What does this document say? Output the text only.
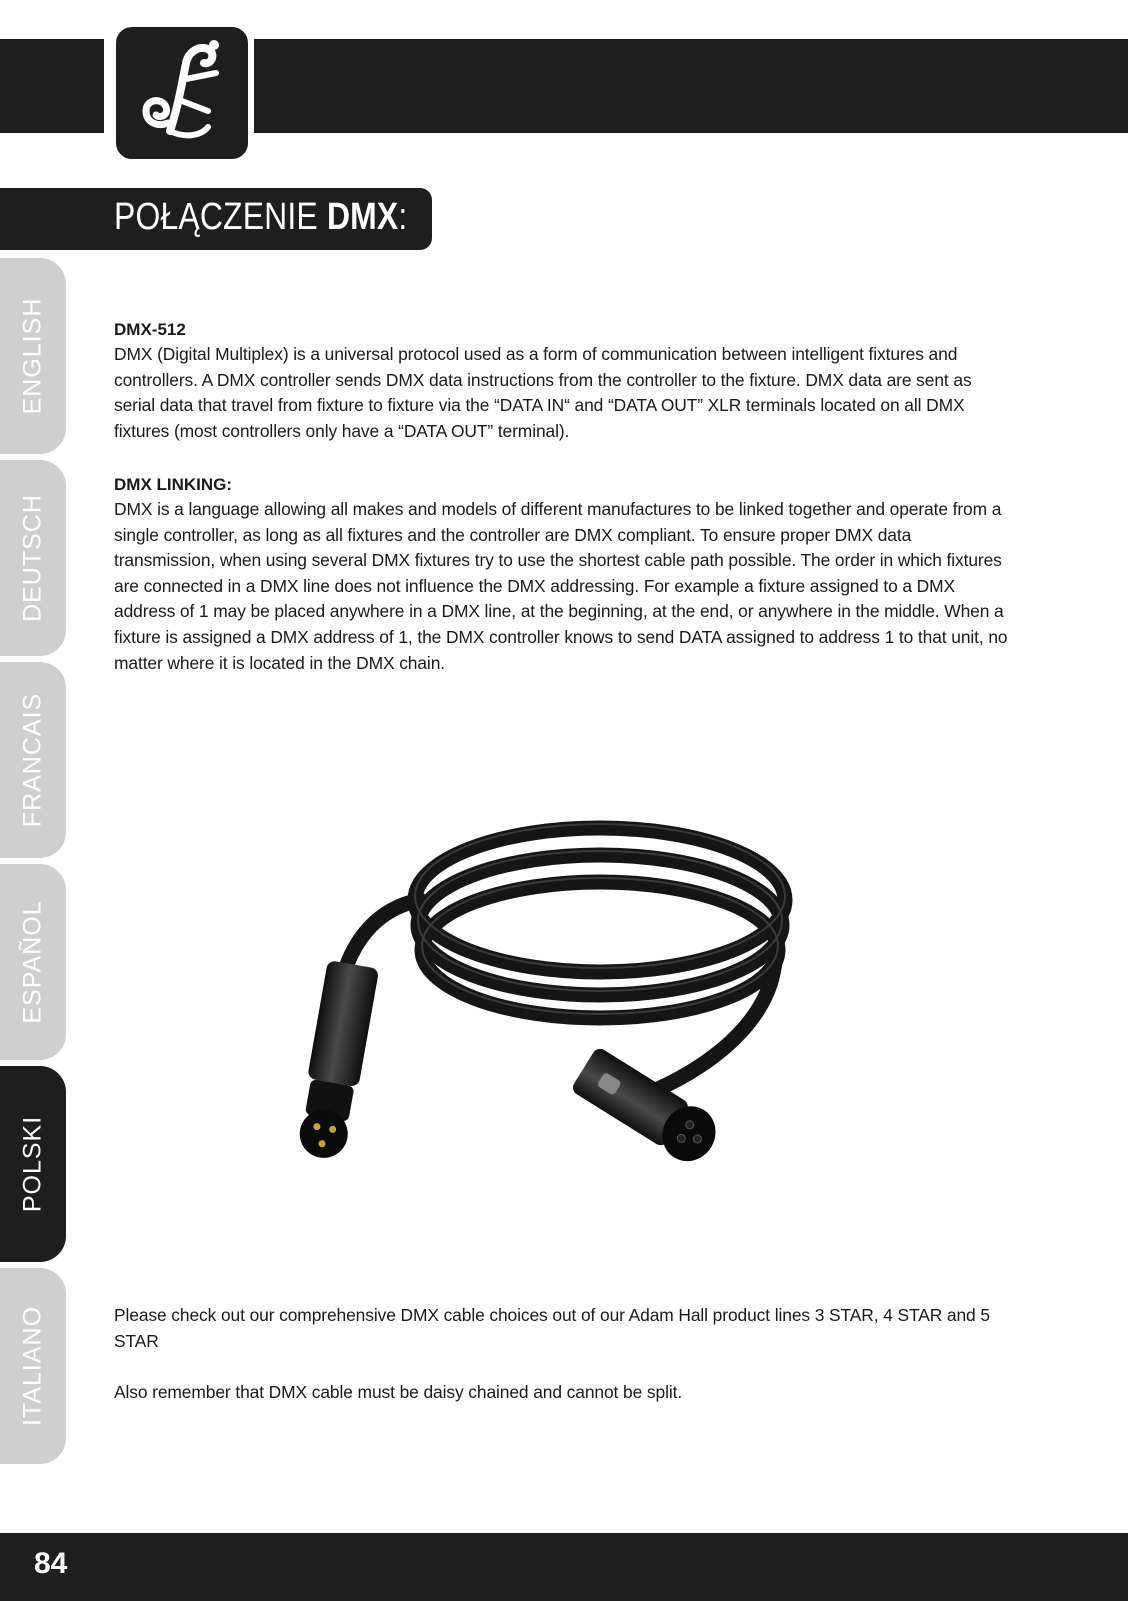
POŁĄCZENIE DMX:
ENGLISH
DEUTSCH
FRANCAIS
ESPAÑOL
POLSKI
ITALIANO

DMX-512

DMX (Digital Multiplex) is a universal protocol used as a form of communication between intelligent fixtures and controllers. A DMX controller sends DMX data instructions from the controller to the fixture. DMX data are sent as serial data that travel from fixture to fixture via the “DATA IN“ and “DATA OUT” XLR terminals located on all DMX fixtures (most controllers only have a “DATA OUT” terminal).

DMX LINKING:

DMX is a language allowing all makes and models of different manufactures to be linked together and operate from a single controller, as long as all fixtures and the controller are DMX compliant. To ensure proper DMX data transmission, when using several DMX fixtures try to use the shortest cable path possible. The order in which fixtures are connected in a DMX line does not influence the DMX addressing. For example a fixture assigned to a DMX address of 1 may be placed anywhere in a DMX line, at the beginning, at the end, or anywhere in the middle. When a fixture is assigned a DMX address of 1, the DMX controller knows to send DATA assigned to address 1 to that unit, no matter where it is located in the DMX chain.

Please check out our comprehensive DMX cable choices out of our Adam Hall product lines 3 STAR, 4 STAR and 5 STAR

Also remember that DMX cable must be daisy chained and cannot be split.

84
